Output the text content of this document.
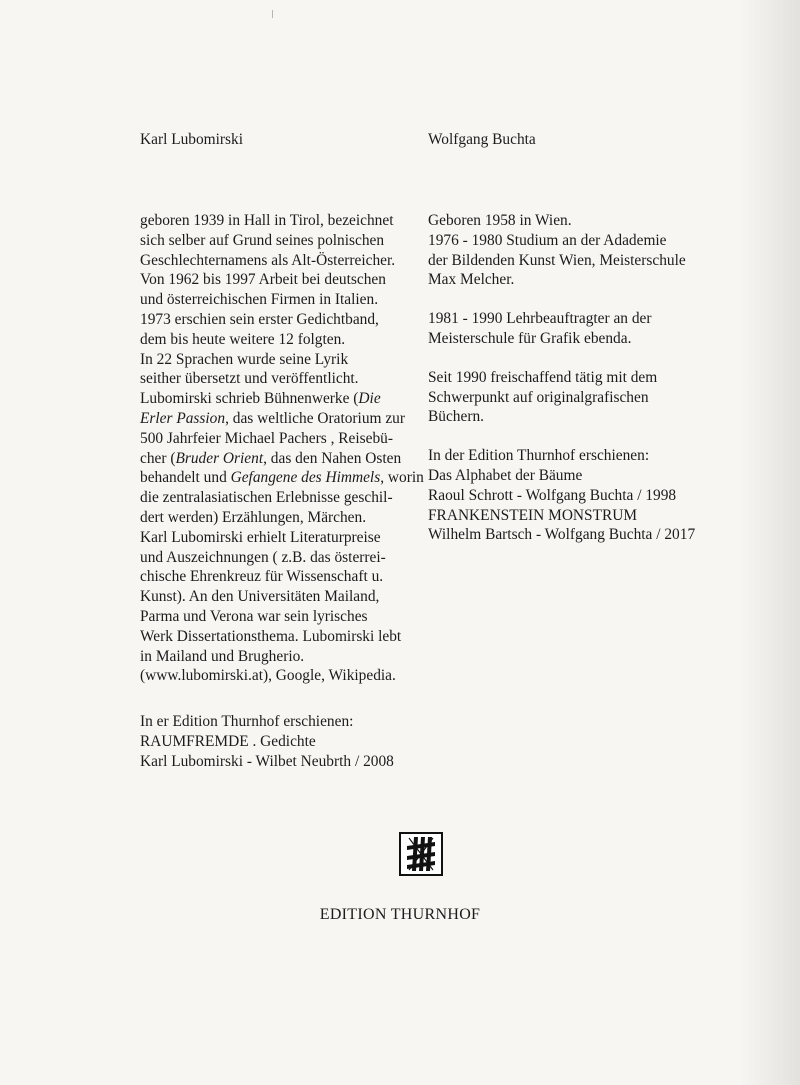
Karl Lubomirski	Wolfgang Buchta
geboren 1939 in Hall in Tirol, bezeichnet
sich selber auf Grund seines polnischen
Geschlechternamens als Alt-Österreicher.
Von 1962 bis 1997 Arbeit bei deutschen
und österreichischen Firmen in Italien.
1973 erschien sein erster Gedichtband,
dem bis heute weitere 12 folgten.
In 22 Sprachen wurde seine Lyrik
seither übersetzt und veröffentlicht.
Lubomirski schrieb Bühnenwerke (Die
Erler Passion, das weltliche Oratorium zur
500 Jahrfeier Michael Pachers , Reisebü-
cher (Bruder Orient, das den Nahen Osten
behandelt und Gefangene des Himmels, worin
die zentralasiatischen Erlebnisse geschil-
dert werden) Erzählungen, Märchen.
Karl Lubomirski erhielt Literaturpreise
und Auszeichnungen ( z.B. das österrei-
chische Ehrenkreuz für Wissenschaft u.
Kunst). An den Universitäten Mailand,
Parma und Verona war sein lyrisches
Werk Dissertationsthema. Lubomirski lebt
in Mailand und Brugherio.
(www.lubomirski.at), Google, Wikipedia.
In er Edition Thurnhof erschienen:
RAUMFREMDE . Gedichte
Karl Lubomirski - Wilbet Neubrth / 2008
Geboren 1958 in Wien.
1976 - 1980 Studium an der Adademie
der Bildenden Kunst Wien, Meisterschule
Max Melcher.
1981 - 1990 Lehrbeauftragter an der
Meisterschule für Grafik ebenda.
Seit 1990 freischaffend tätig mit dem
Schwerpunkt auf originalgrafischen
Büchern.
In der Edition Thurnhof erschienen:
Das Alphabet der Bäume
Raoul Schrott - Wolfgang Buchta / 1998
FRANKENSTEIN MONSTRUM
Wilhelm Bartsch - Wolfgang Buchta / 2017
EDITION THURNHOF
